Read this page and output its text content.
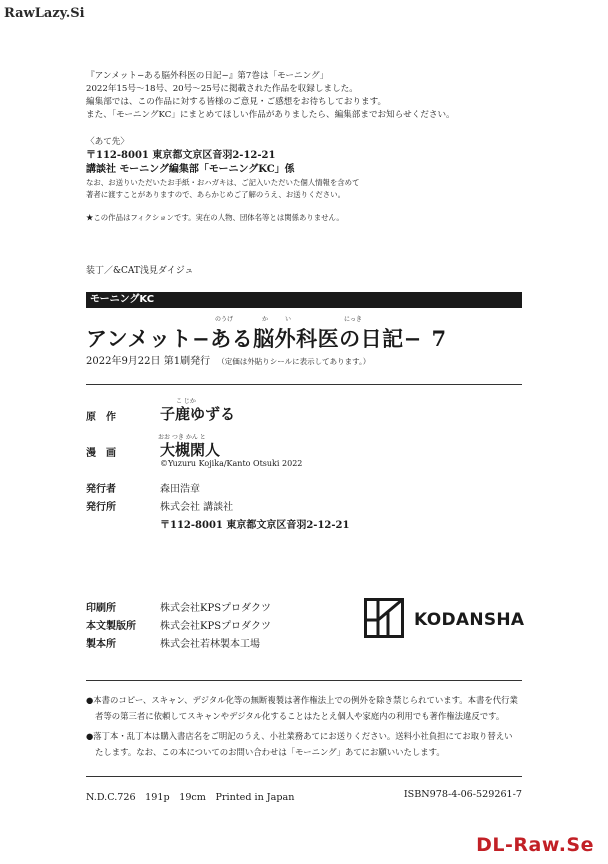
RawLazy.Si
DL-Raw.Se
『アンメット−ある脳外科医の日記−』第7巻は「モーニング」
2022年15号〜18号、20号〜25号に掲載された作品を収録しました。
編集部では、この作品に対する皆様のご意見・ご感想をお待ちしております。
また、「モーニングKC」にまとめてほしい作品がありましたら、編集部までお知らせください。
〈あて先〉
〒112-8001 東京都文京区音羽2-12-21
講談社 モーニング編集部「モーニングKC」係
なお、お送りいただいたお手紙・おハガキは、ご記入いただいた個人情報を含めて
著者に渡すことがありますので、あらかじめご了解のうえ、お送りください。
★この作品はフィクションです。実在の人物、団体名等とは関係ありません。
装丁／&CAT浅見ダイジュ
モーニングKC
のうげ	か	い	にっき
アンメット−ある脳外科医の日記− 7
2022年9月22日 第1刷発行 （定価は外貼りシールに表示してあります。）
こ じか
原　作	子鹿ゆずる
おお つき かん と
漫　画	大槻閑人
©Yuzuru Kojika/Kanto Otsuki 2022
発行者	森田浩章
発行所	株式会社 講談社
〒112-8001 東京都文京区音羽2-12-21
印刷所	株式会社KPSプロダクツ
本文製版所 株式会社KPSプロダクツ
製本所	株式会社若林製本工場
KODANSHA
●本書のコピー、スキャン、デジタル化等の無断複製は著作権法上での例外を除き禁じられています。本書を代行業
者等の第三者に依頼してスキャンやデジタル化することはたとえ個人や家庭内の利用でも著作権法違反です。
●落丁本・乱丁本は購入書店名をご明記のうえ、小社業務あてにお送りください。送料小社負担にてお取り替えい
たします。なお、この本についてのお問い合わせは「モーニング」あてにお願いいたします。
N.D.C.726　191p　19cm　Printed in Japan	ISBN978-4-06-529261-7
